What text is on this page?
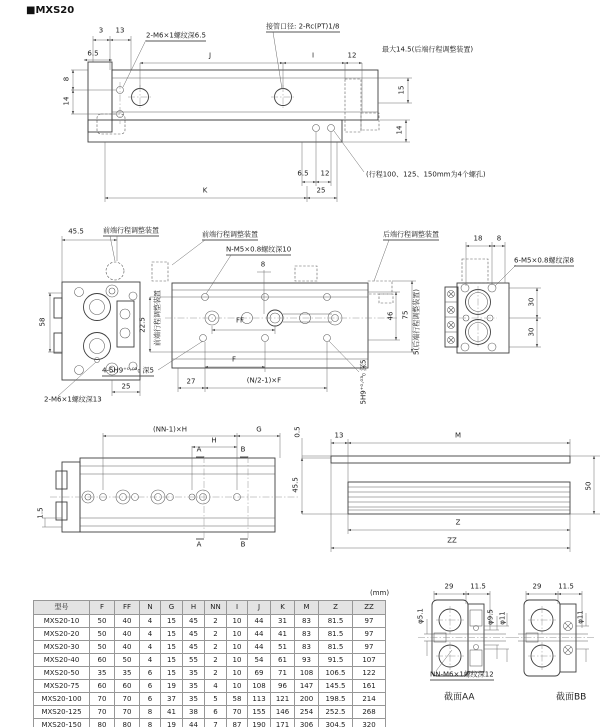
■MXS20
3 13
2-M6×1螺纹深6.5
接管口径: 2-Rc(PT)1/8
最大14.5(后端行程调整装置)
6.5	J	I	12
8
14
15
14
6.5 12
K	25
(行程100、125、150mm为4个螺孔)
45.5	前端行程调整装置	前端行程调整装置
N-M5×0.8螺纹深10
后端行程调整装置
22.5 前端行程调整装置
58
8
FF
46 75 5(后端行程调整装置)
25
2-M6×1螺纹深13
4-5H9⁺⁰·⁰³₀ 深5
27
F
(N/2-1)×F	5H9⁺⁰·⁰³₀ 深5
18 8
6-M5×0.8螺纹深8
30
30
(NN-1)×H	G
H
A	B
A	B
1.5
0.5
45.5
13	M
50
Z
ZZ
29 11.5
φ5.1	φ9.5 φ11
NN-M6×1螺纹深12
截面AA
29 11.5
φ11
截面BB
(mm)
型号	F	FF	N	G	H	NN	I	J	K	M	Z	ZZ
MXS20-10	50	40	4	15	45	2	10	44	31	83	81.5	97
MXS20-20	50	40	4	15	45	2	10	44	41	83	81.5	97
MXS20-30	50	40	4	15	45	2	10	44	51	83	81.5	97
MXS20-40	60	50	4	15	55	2	10	54	61	93	91.5	107
MXS20-50	35	35	6	15	35	2	10	69	71	108	106.5	122
MXS20-75	60	60	6	19	35	4	10	108	96	147	145.5	161
MXS20-100	70	70	6	37	35	5	58	113	121	200	198.5	214
MXS20-125	70	70	8	41	38	6	70	155	146	254	252.5	268
MXS20-150	80	80	8	19	44	7	87	190	171	306	304.5	320
